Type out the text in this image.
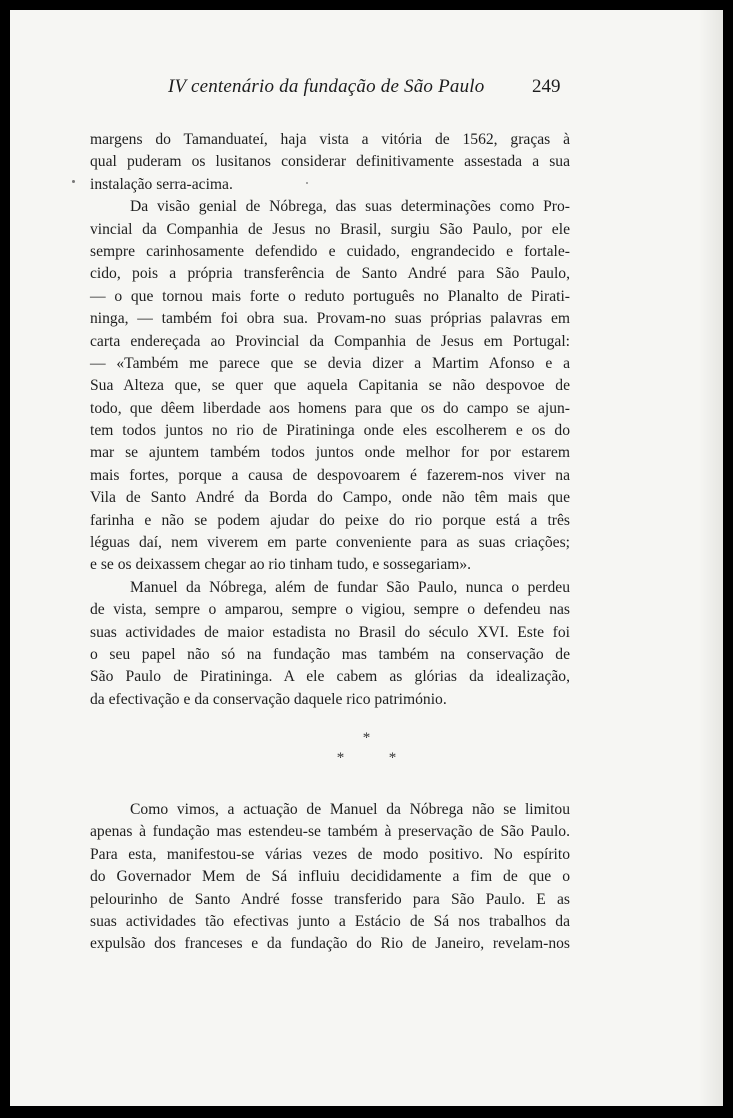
IV centenário da fundação de São Paulo	249
margens do Tamanduateí, haja vista a vitória de 1562, graças à
qual puderam os lusitanos considerar definitivamente assestada a sua
instalação serra-acima.
Da visão genial de Nóbrega, das suas determinações como Pro-
vincial da Companhia de Jesus no Brasil, surgiu São Paulo, por ele
sempre carinhosamente defendido e cuidado, engrandecido e fortale-
cido, pois a própria transferência de Santo André para São Paulo,
— o que tornou mais forte o reduto português no Planalto de Pirati-
ninga, — também foi obra sua. Provam-no suas próprias palavras em
carta endereçada ao Provincial da Companhia de Jesus em Portugal:
— «Também me parece que se devia dizer a Martim Afonso e a
Sua Alteza que, se quer que aquela Capitania se não despovoe de
todo, que dêem liberdade aos homens para que os do campo se ajun-
tem todos juntos no rio de Piratininga onde eles escolherem e os do
mar se ajuntem também todos juntos onde melhor for por estarem
mais fortes, porque a causa de despovoarem é fazerem-nos viver na
Vila de Santo André da Borda do Campo, onde não têm mais que
farinha e não se podem ajudar do peixe do rio porque está a três
léguas daí, nem viverem em parte conveniente para as suas criações;
e se os deixassem chegar ao rio tinham tudo, e sossegariam».
Manuel da Nóbrega, além de fundar São Paulo, nunca o perdeu
de vista, sempre o amparou, sempre o vigiou, sempre o defendeu nas
suas actividades de maior estadista no Brasil do século XVI. Este foi
o seu papel não só na fundação mas também na conservação de
São Paulo de Piratininga. A ele cabem as glórias da idealização,
da efectivação e da conservação daquele rico património.
*
*	*
Como vimos, a actuação de Manuel da Nóbrega não se limitou
apenas à fundação mas estendeu-se também à preservação de São Paulo.
Para esta, manifestou-se várias vezes de modo positivo. No espírito
do Governador Mem de Sá influiu decididamente a fim de que o
pelourinho de Santo André fosse transferido para São Paulo. E as
suas actividades tão efectivas junto a Estácio de Sá nos trabalhos da
expulsão dos franceses e da fundação do Rio de Janeiro, revelam-nos
